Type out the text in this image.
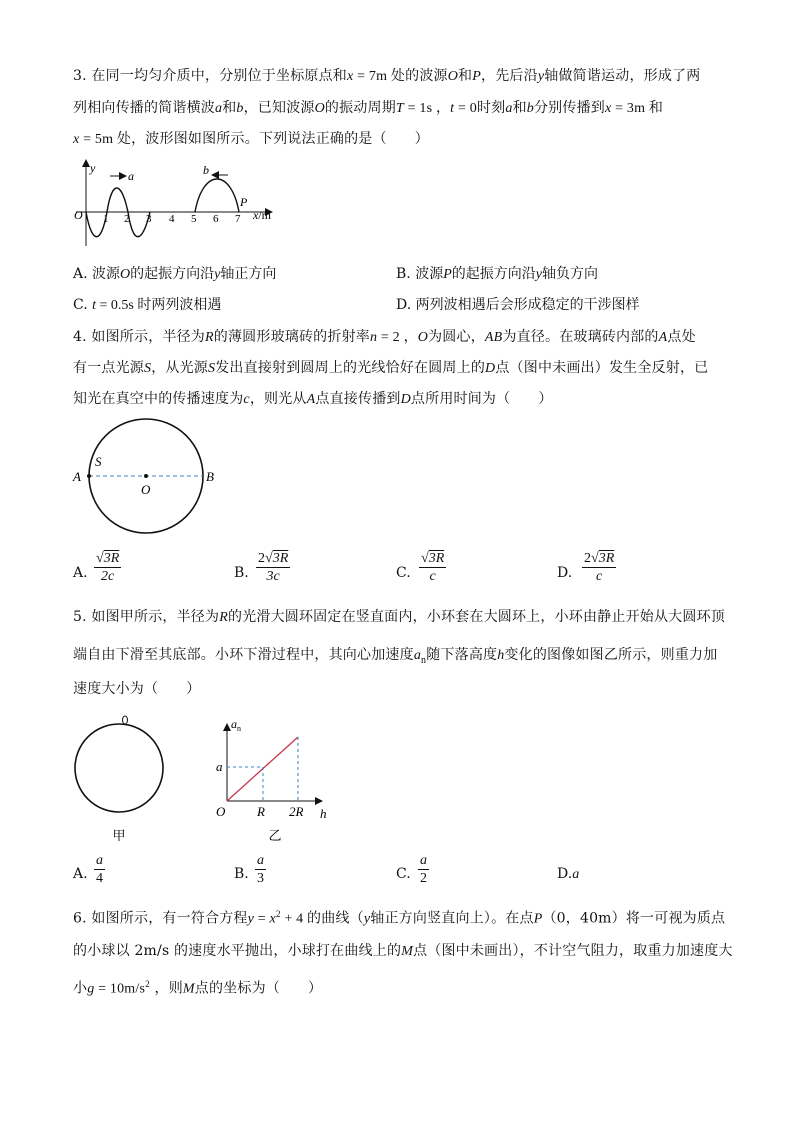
3. 在同一均匀介质中，分别位于坐标原点和x = 7m 处的波源O和P，先后沿y轴做简谐运动，形成了两
列相向传播的简谐横波a和b，已知波源O的振动周期T = 1s ，t = 0时刻a和b分别传播到x = 3m 和
x = 5m 处，波形图如图所示。下列说法正确的是（ ）
y
O 1 2 3 4 5 6 7 x/m
a	b
P
A. 波源O的起振方向沿y轴正方向	B. 波源P的起振方向沿y轴负方向
C. t = 0.5s 时两列波相遇	D. 两列波相遇后会形成稳定的干涉图样
4. 如图所示，半径为R的薄圆形玻璃砖的折射率n = 2 ，O为圆心，AB为直径。在玻璃砖内部的A点处
有一点光源S，从光源S发出直接射到圆周上的光线恰好在圆周上的D点（图中未画出）发生全反射，已
知光在真空中的传播速度为c，则光从A点直接传播到D点所用时间为（ ）
A	B
S
O
A. $\frac{√3R}{2c}$	B. $\frac{2√3R}{3c}$	C. $\frac{√3R}{c}$	D. $\frac{2√3R}{c}$
5. 如图甲所示，半径为R的光滑大圆环固定在竖直面内，小环套在大圆环上，小环由静止开始从大圆环顶
端自由下滑至其底部。小环下滑过程中，其向心加速度$a_n$随下落高度h变化的图像如图乙所示，则重力加
速度大小为（ ）
甲
$a_n$
a
O R 2R h
乙
A. $\frac{a}{4}$	B. $\frac{a}{3}$	C. $\frac{a}{2}$	D.a
6. 如图所示，有一符合方程$y = x^2 + 4$ 的曲线（y轴正方向竖直向上）。在点P（0，40m）将一可视为质点
的小球以 2m/s 的速度水平抛出，小球打在曲线上的M点（图中未画出），不计空气阻力，取重力加速度大
小$g = 10m/s^2$ ，则M点的坐标为（ ）
